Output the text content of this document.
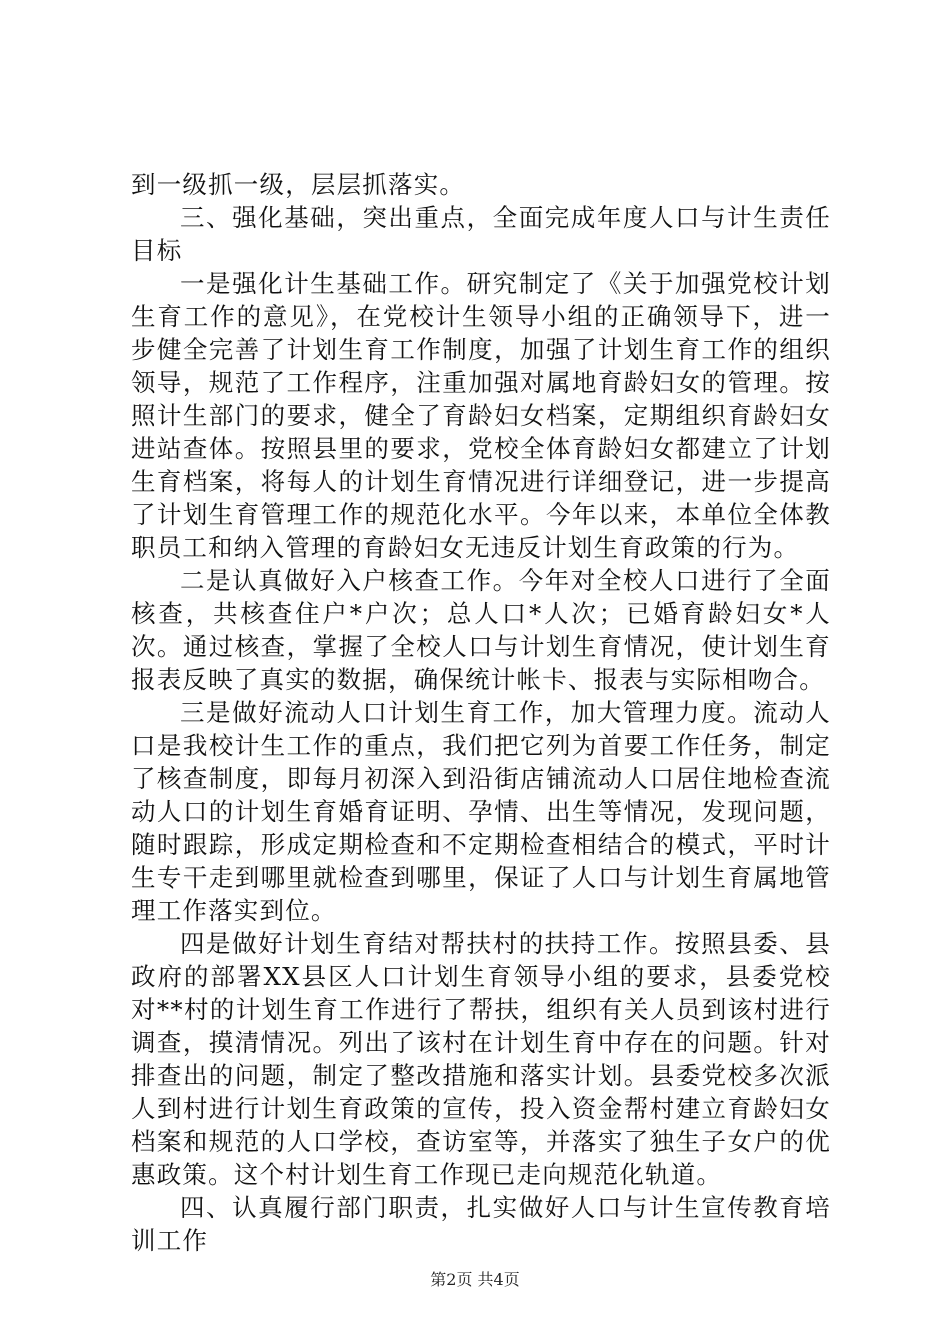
到一级抓一级，层层抓落实。

三、强化基础，突出重点，全面完成年度人口与计生责任目标

一是强化计生基础工作。研究制定了《关于加强党校计划生育工作的意见》，在党校计生领导小组的正确领导下，进一步健全完善了计划生育工作制度，加强了计划生育工作的组织领导，规范了工作程序，注重加强对属地育龄妇女的管理。按照计生部门的要求，健全了育龄妇女档案，定期组织育龄妇女进站查体。按照县里的要求，党校全体育龄妇女都建立了计划生育档案，将每人的计划生育情况进行详细登记，进一步提高了计划生育管理工作的规范化水平。今年以来，本单位全体教职员工和纳入管理的育龄妇女无违反计划生育政策的行为。

二是认真做好入户核查工作。今年对全校人口进行了全面核查，共核查住户*户次；总人口*人次；已婚育龄妇女*人次。通过核查，掌握了全校人口与计划生育情况，使计划生育报表反映了真实的数据，确保统计帐卡、报表与实际相吻合。

三是做好流动人口计划生育工作，加大管理力度。流动人口是我校计生工作的重点，我们把它列为首要工作任务，制定了核查制度，即每月初深入到沿街店铺流动人口居住地检查流动人口的计划生育婚育证明、孕情、出生等情况，发现问题，随时跟踪，形成定期检查和不定期检查相结合的模式，平时计生专干走到哪里就检查到哪里，保证了人口与计划生育属地管理工作落实到位。

四是做好计划生育结对帮扶村的扶持工作。按照县委、县政府的部署XX县区人口计划生育领导小组的要求，县委党校对**村的计划生育工作进行了帮扶，组织有关人员到该村进行调查，摸清情况。列出了该村在计划生育中存在的问题。针对排查出的问题，制定了整改措施和落实计划。县委党校多次派人到村进行计划生育政策的宣传，投入资金帮村建立育龄妇女档案和规范的人口学校，查访室等，并落实了独生子女户的优惠政策。这个村计划生育工作现已走向规范化轨道。

四、认真履行部门职责，扎实做好人口与计生宣传教育培训工作

第2页 共4页
